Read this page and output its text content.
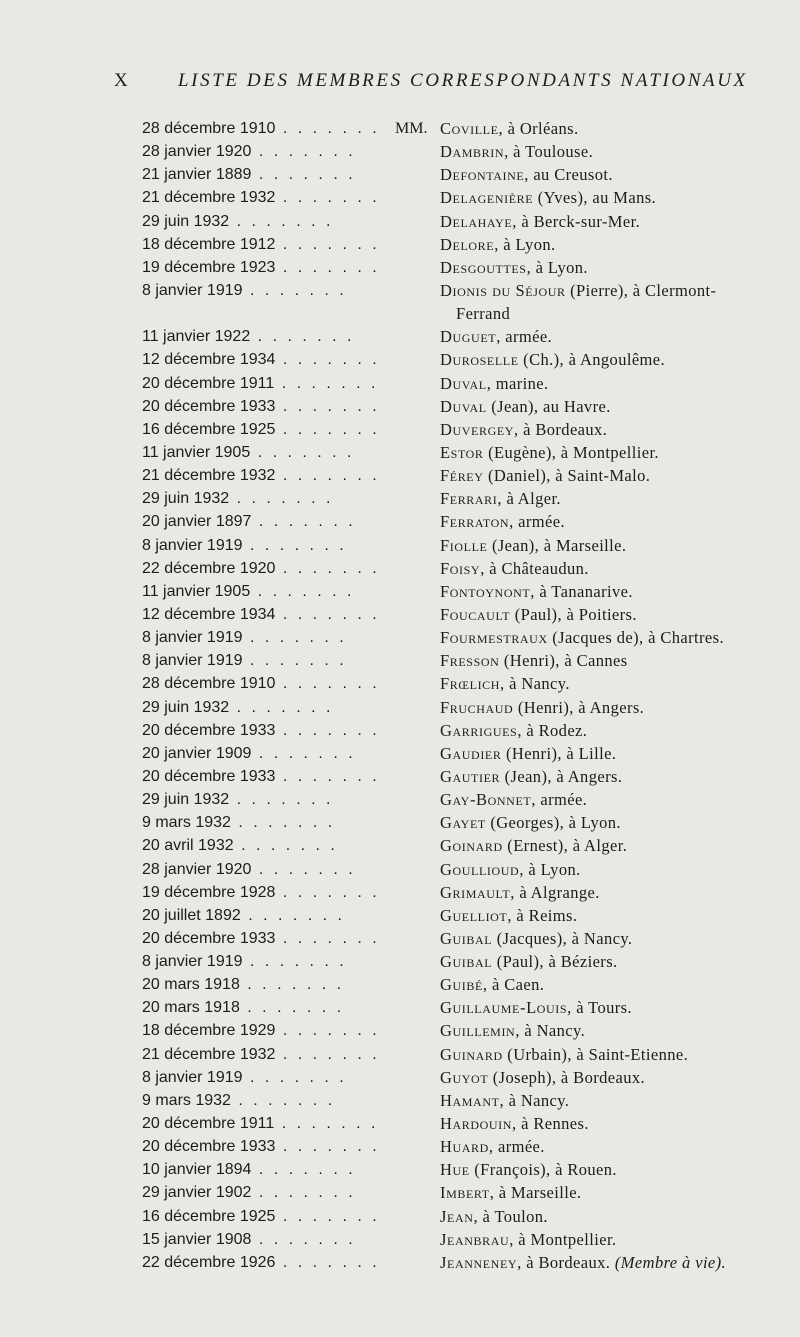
X	LISTE DES MEMBRES CORRESPONDANTS NATIONAUX
28 décembre 1910 . . . . . . . MM. Coville, à Orléans.
28 janvier 1920 . . . . . . .	Dambrin, à Toulouse.
21 janvier 1889 . . . . . . .	Defontaine, au Creusot.
21 décembre 1932 . . . . . . .	Delagenière (Yves), au Mans.
29 juin 1932 . . . . . . .	Delahaye, à Berck-sur-Mer.
18 décembre 1912 . . . . . . .	Delore, à Lyon.
19 décembre 1923 . . . . . . .	Desgouttes, à Lyon.
8 janvier 1919 . . . . . . .	Dionis du Séjour (Pierre), à Clermont-
Ferrand
11 janvier 1922 . . . . . . .	Duguet, armée.
12 décembre 1934 . . . . . . .	Duroselle (Ch.), à Angoulême.
20 décembre 1911 . . . . . . .	Duval, marine.
20 décembre 1933 . . . . . . .	Duval (Jean), au Havre.
16 décembre 1925 . . . . . . .	Duvergey, à Bordeaux.
11 janvier 1905 . . . . . . .	Estor (Eugène), à Montpellier.
21 décembre 1932 . . . . . . .	Férey (Daniel), à Saint-Malo.
29 juin 1932 . . . . . . .	Ferrari, à Alger.
20 janvier 1897 . . . . . . .	Ferraton, armée.
8 janvier 1919 . . . . . . .	Fiolle (Jean), à Marseille.
22 décembre 1920 . . . . . . .	Foisy, à Châteaudun.
11 janvier 1905 . . . . . . .	Fontoynont, à Tananarive.
12 décembre 1934 . . . . . . .	Foucault (Paul), à Poitiers.
8 janvier 1919 . . . . . . .	Fourmestraux (Jacques de), à Chartres.
8 janvier 1919 . . . . . . .	Fresson (Henri), à Cannes
28 décembre 1910 . . . . . . .	Frœlich, à Nancy.
29 juin 1932 . . . . . . .	Fruchaud (Henri), à Angers.
20 décembre 1933 . . . . . . .	Garrigues, à Rodez.
20 janvier 1909 . . . . . . .	Gaudier (Henri), à Lille.
20 décembre 1933 . . . . . . .	Gautier (Jean), à Angers.
29 juin 1932 . . . . . . .	Gay-Bonnet, armée.
9 mars 1932 . . . . . . .	Gayet (Georges), à Lyon.
20 avril 1932 . . . . . . .	Goinard (Ernest), à Alger.
28 janvier 1920 . . . . . . .	Goullioud, à Lyon.
19 décembre 1928 . . . . . . .	Grimault, à Algrange.
20 juillet 1892 . . . . . . .	Guelliot, à Reims.
20 décembre 1933 . . . . . . .	Guibal (Jacques), à Nancy.
8 janvier 1919 . . . . . . .	Guibal (Paul), à Béziers.
20 mars 1918 . . . . . . .	Guibé, à Caen.
20 mars 1918 . . . . . . .	Guillaume-Louis, à Tours.
18 décembre 1929 . . . . . . .	Guillemin, à Nancy.
21 décembre 1932 . . . . . . .	Guinard (Urbain), à Saint-Etienne.
8 janvier 1919 . . . . . . .	Guyot (Joseph), à Bordeaux.
9 mars 1932 . . . . . . .	Hamant, à Nancy.
20 décembre 1911 . . . . . . .	Hardouin, à Rennes.
20 décembre 1933 . . . . . . .	Huard, armée.
10 janvier 1894 . . . . . . .	Hue (François), à Rouen.
29 janvier 1902 . . . . . . .	Imbert, à Marseille.
16 décembre 1925 . . . . . . .	Jean, à Toulon.
15 janvier 1908 . . . . . . .	Jeanbrau, à Montpellier.
22 décembre 1926 . . . . . . .	Jeanneney, à Bordeaux. (Membre à vie).
